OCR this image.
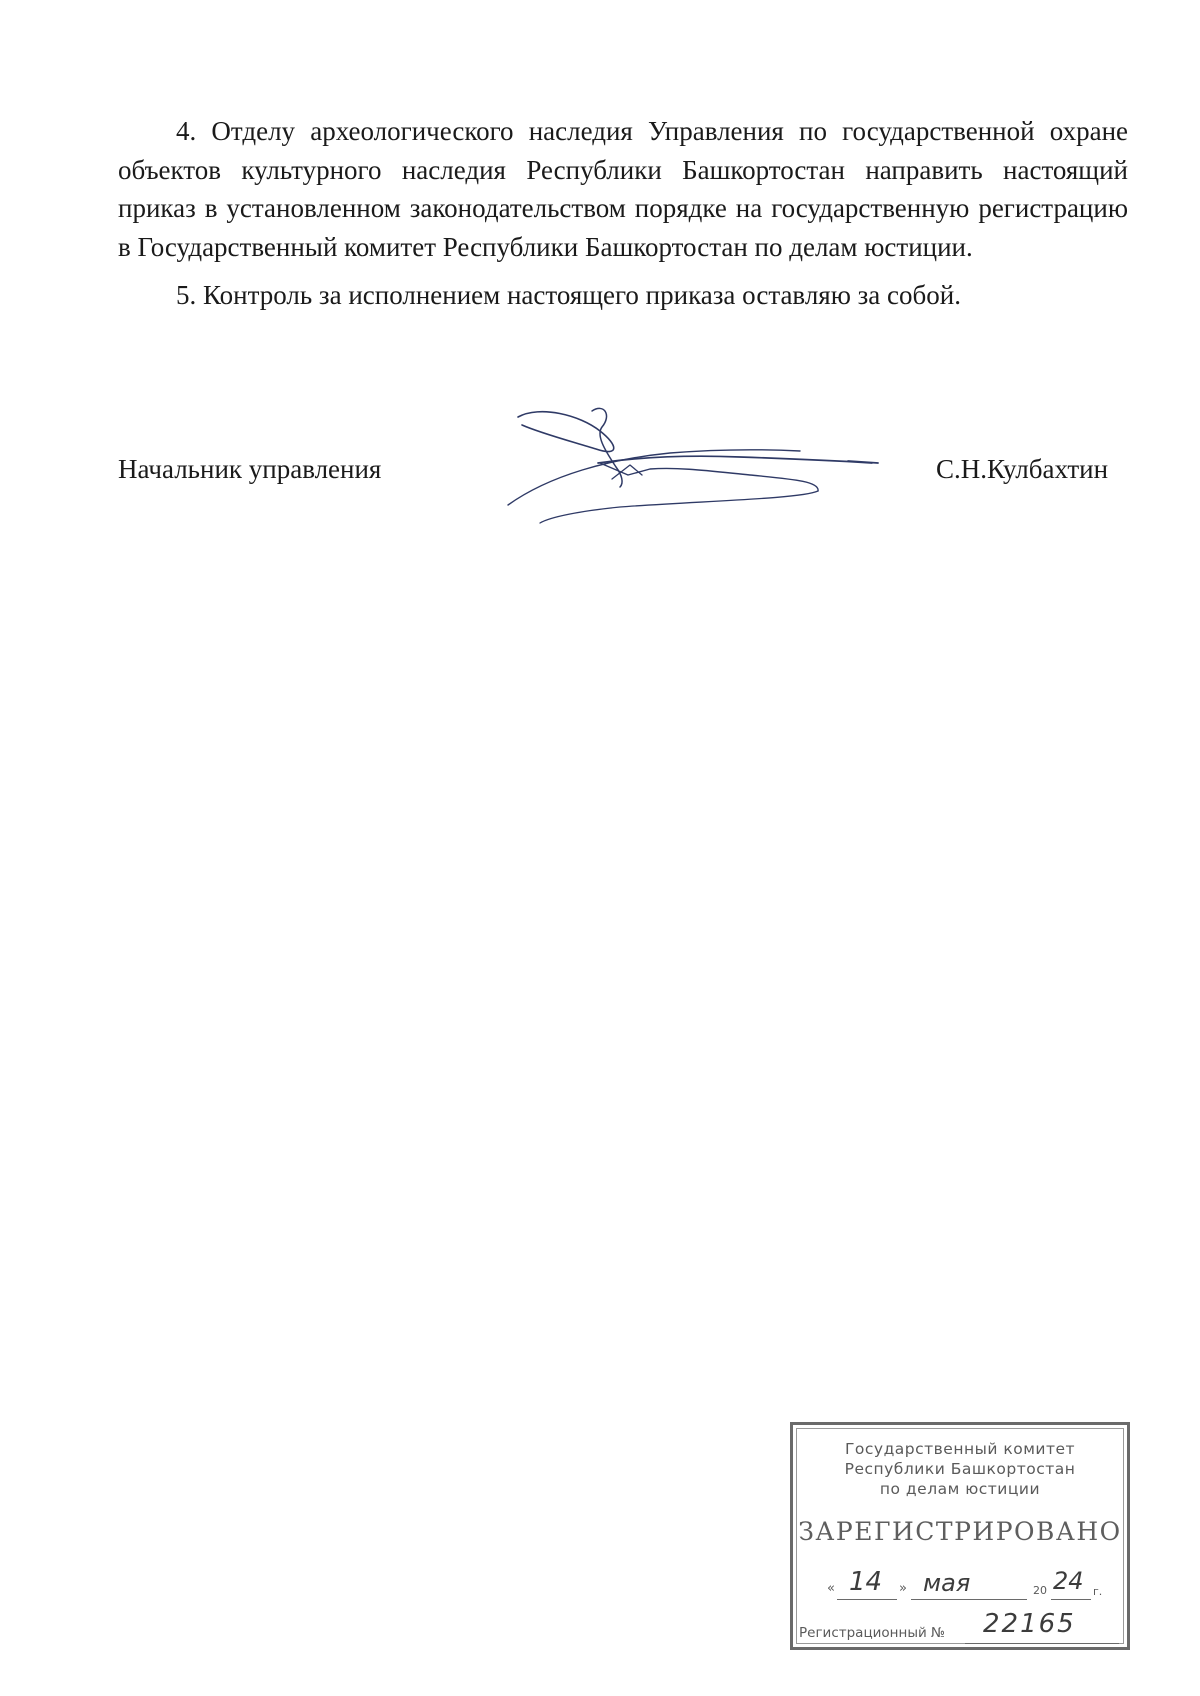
4. Отделу археологического наследия Управления по государственной охране объектов культурного наследия Республики Башкортостан направить настоящий приказ в установленном законодательством порядке на государственную регистрацию в Государственный комитет Республики Башкортостан по делам юстиции.

5. Контроль за исполнением настоящего приказа оставляю за собой.

Начальник управления	С.Н.Кулбахтин
Государственный комитет
Республики Башкортостан
по делам юстиции
ЗАРЕГИСТРИРОВАНО
« 14 » мая	20 24 г.
Регистрационный № 22165
